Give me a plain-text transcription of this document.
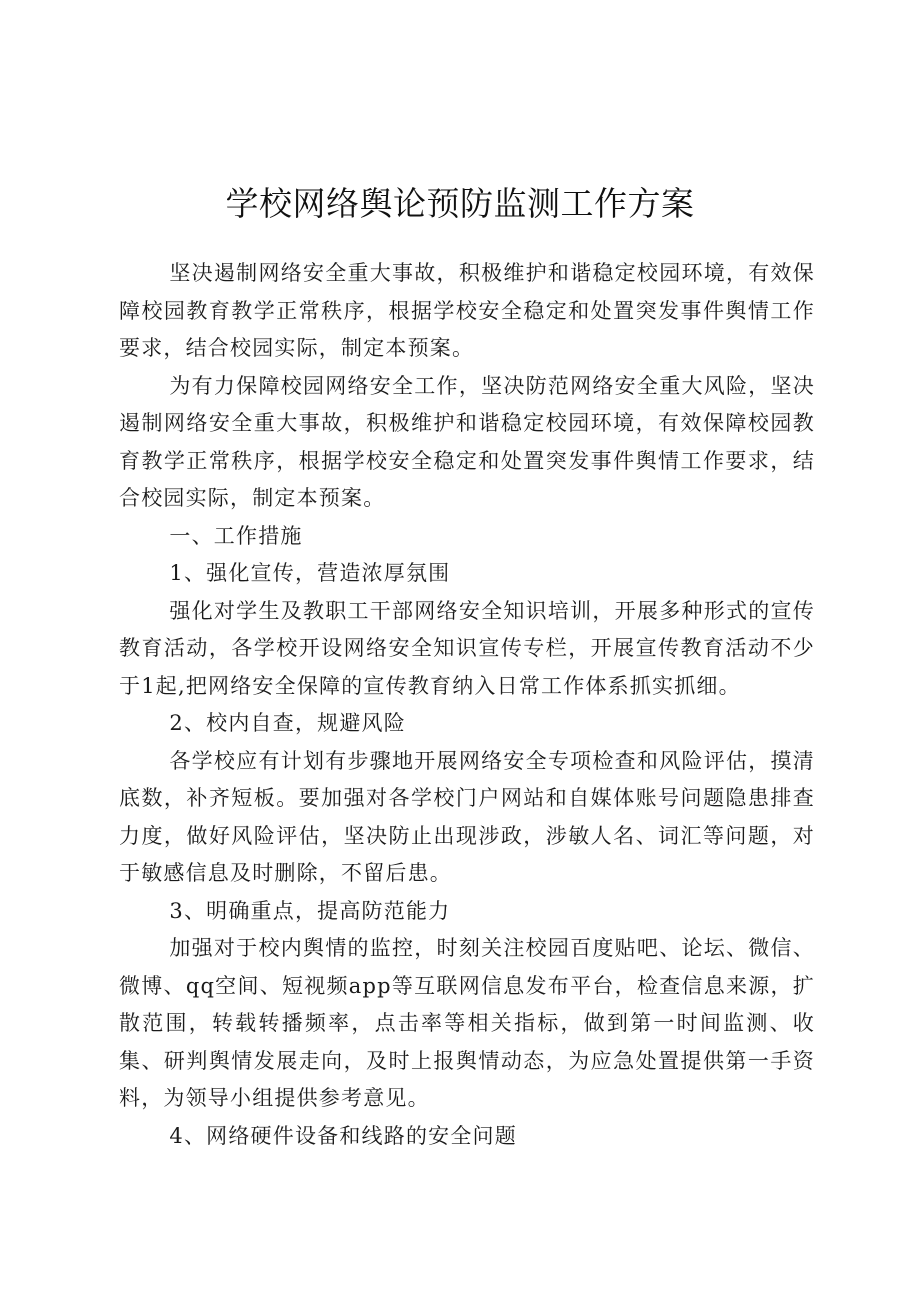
学校网络舆论预防监测工作方案

坚决遏制网络安全重大事故，积极维护和谐稳定校园环境，有效保障校园教育教学正常秩序，根据学校安全稳定和处置突发事件舆情工作要求，结合校园实际，制定本预案。

为有力保障校园网络安全工作，坚决防范网络安全重大风险，坚决遏制网络安全重大事故，积极维护和谐稳定校园环境，有效保障校园教育教学正常秩序，根据学校安全稳定和处置突发事件舆情工作要求，结合校园实际，制定本预案。

一、工作措施

1、强化宣传，营造浓厚氛围

强化对学生及教职工干部网络安全知识培训，开展多种形式的宣传教育活动，各学校开设网络安全知识宣传专栏，开展宣传教育活动不少于1起,把网络安全保障的宣传教育纳入日常工作体系抓实抓细。

2、校内自查，规避风险

各学校应有计划有步骤地开展网络安全专项检查和风险评估，摸清底数，补齐短板。要加强对各学校门户网站和自媒体账号问题隐患排查力度，做好风险评估，坚决防止出现涉政，涉敏人名、词汇等问题，对于敏感信息及时删除，不留后患。

3、明确重点，提高防范能力

加强对于校内舆情的监控，时刻关注校园百度贴吧、论坛、微信、微博、qq空间、短视频app等互联网信息发布平台，检查信息来源，扩散范围，转载转播频率，点击率等相关指标，做到第一时间监测、收集、研判舆情发展走向，及时上报舆情动态，为应急处置提供第一手资料，为领导小组提供参考意见。

4、网络硬件设备和线路的安全问题
